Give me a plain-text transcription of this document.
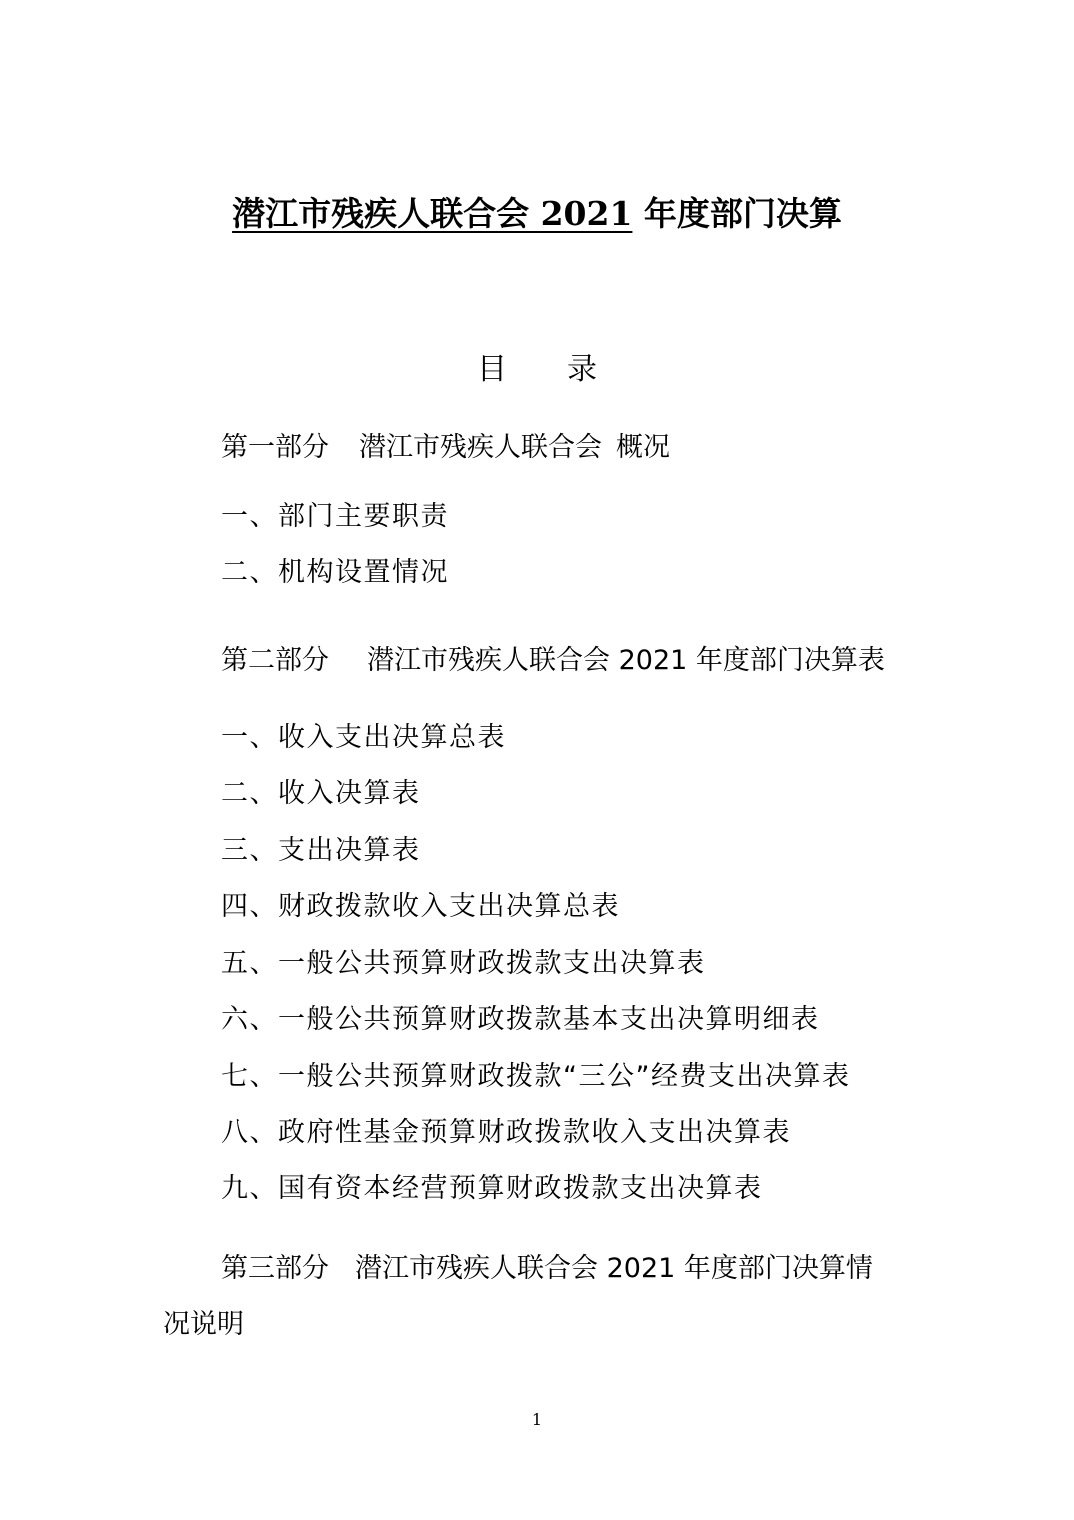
潜江市残疾人联合会 2021 年度部门决算
目录
第一部分 潜江市残疾人联合会 概况
一、部门主要职责
二、机构设置情况
第二部分 潜江市残疾人联合会 2021 年度部门决算表
一、收入支出决算总表
二、收入决算表
三、支出决算表
四、财政拨款收入支出决算总表
五、一般公共预算财政拨款支出决算表
六、一般公共预算财政拨款基本支出决算明细表
七、一般公共预算财政拨款“三公”经费支出决算表
八、政府性基金预算财政拨款收入支出决算表
九、国有资本经营预算财政拨款支出决算表
第三部分 潜江市残疾人联合会 2021 年度部门决算情
况说明
1
